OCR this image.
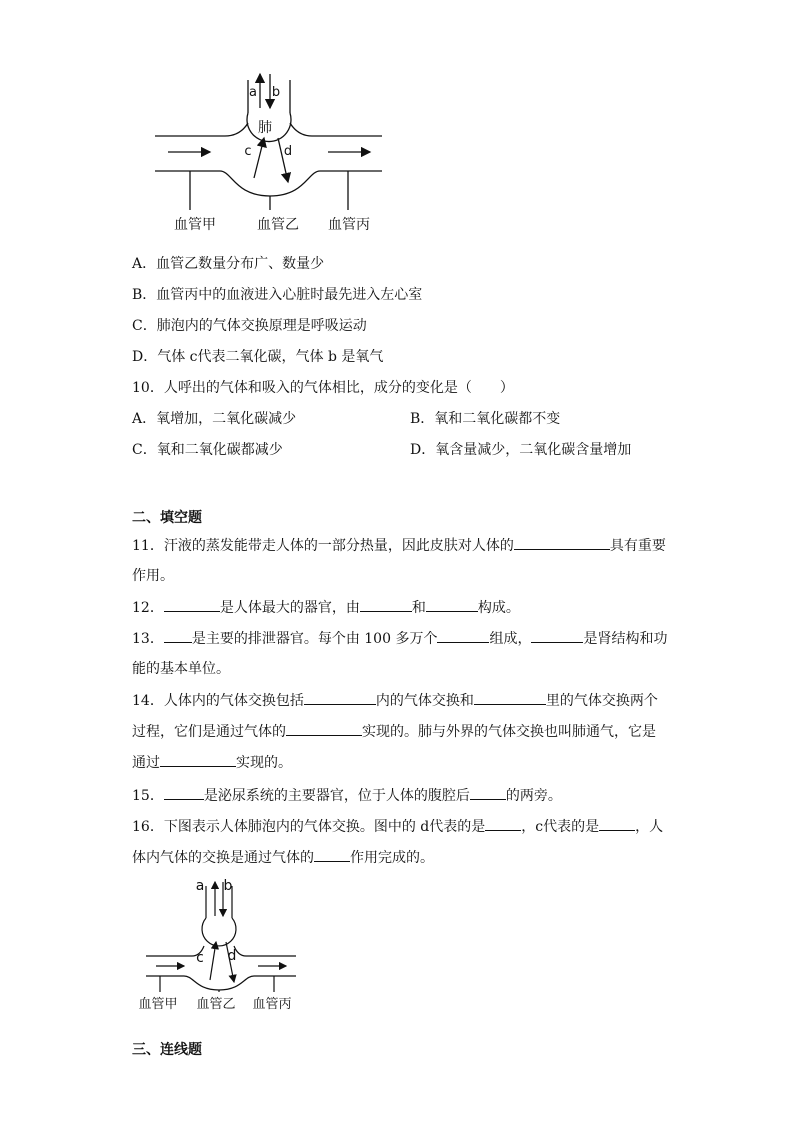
a b
肺
c d
血管甲	血管乙 血管丙
A．血管乙数量分布广、数量少
B．血管丙中的血液进入心脏时最先进入左心室
C．肺泡内的气体交换原理是呼吸运动
D．气体 c代表二氧化碳，气体 b 是氧气
10．人呼出的气体和吸入的气体相比，成分的变化是（　　）
A．氧增加，二氧化碳减少	B．氧和二氧化碳都不变
C．氧和二氧化碳都减少	D．氧含量减少，二氧化碳含量增加
二、填空题
11．汗液的蒸发能带走人体的一部分热量，因此皮肤对人体的	具有重要
作用。
12．	是人体最大的器官，由	和	构成。
13． 是主要的排泄器官。每个由 100 多万个	组成，	是肾结构和功
能的基本单位。
14．人体内的气体交换包括	内的气体交换和	里的气体交换两个
过程，它们是通过气体的	实现的。肺与外界的气体交换也叫肺通气，它是
通过	实现的。
15．	是泌尿系统的主要器官，位于人体的腹腔后	的两旁。
16．下图表示人体肺泡内的气体交换。图中的 d代表的是	，c代表的是	，人
体内气体的交换是通过气体的	作用完成的。
a b
c d
血管甲 血管乙 血管丙
三、连线题
